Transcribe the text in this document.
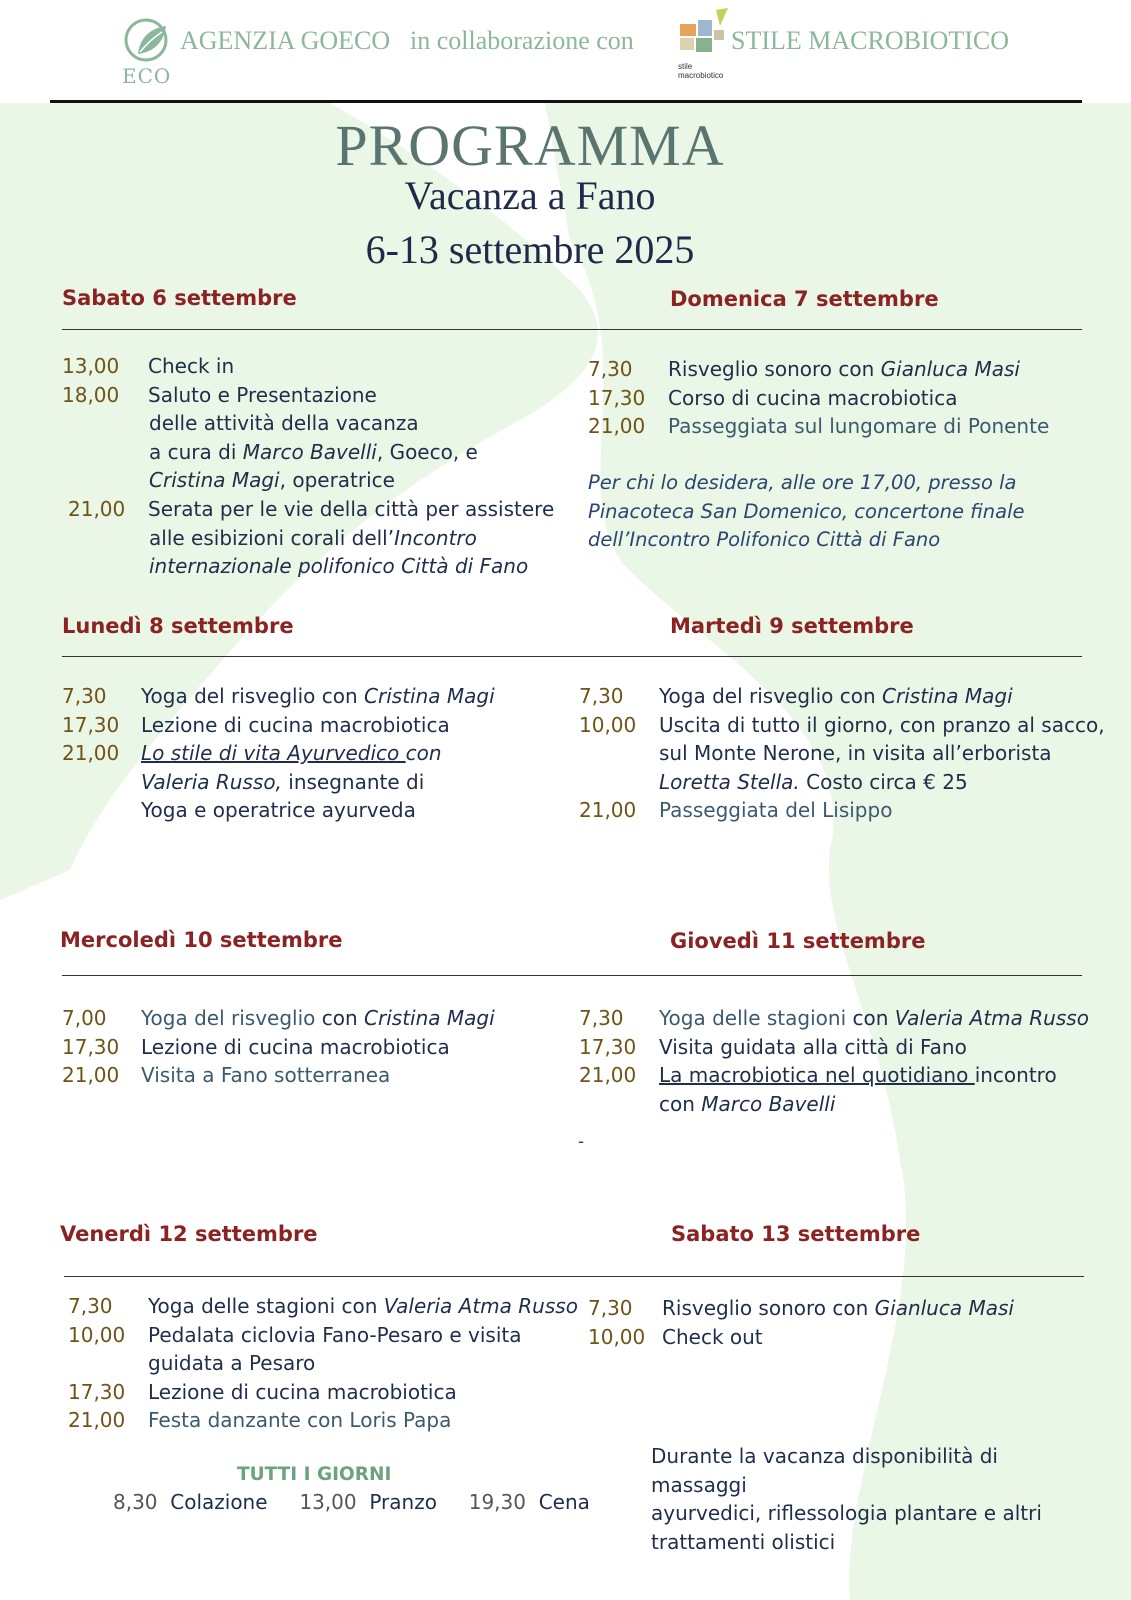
ECO
AGENZIA GOECO in collaborazione con
stile
macrobiotico
STILE MACROBIOTICO
PROGRAMMA
Vacanza a Fano
6-13 settembre 2025
Sabato 6 settembre	Domenica 7 settembre
13,00	Check in
18,00	Saluto e Presentazione
delle attività della vacanza
a cura di Marco Bavelli, Goeco, e
Cristina Magi, operatrice
21,00	Serata per le vie della città per assistere
alle esibizioni corali dell’Incontro
internazionale polifonico Città di Fano
7,30	Risveglio sonoro con Gianluca Masi
17,30	Corso di cucina macrobiotica
21,00	Passeggiata sul lungomare di Ponente
Per chi lo desidera, alle ore 17,00, presso la
Pinacoteca San Domenico, concertone finale
dell’Incontro Polifonico Città di Fano
Lunedì 8 settembre	Martedì 9 settembre
7,30	Yoga del risveglio con Cristina Magi
17,30	Lezione di cucina macrobiotica
21,00	Lo stile di vita Ayurvedico con
Valeria Russo, insegnante di
Yoga e operatrice ayurveda
7,30	Yoga del risveglio con Cristina Magi
10,00	Uscita di tutto il giorno, con pranzo al sacco,
sul Monte Nerone, in visita all’erborista
Loretta Stella. Costo circa € 25
21,00	Passeggiata del Lisippo
Mercoledì 10 settembre	Giovedì 11 settembre
7,00	Yoga del risveglio con Cristina Magi
17,30	Lezione di cucina macrobiotica
21,00	Visita a Fano sotterranea
7,30	Yoga delle stagioni con Valeria Atma Russo
17,30	Visita guidata alla città di Fano
21,00	La macrobiotica nel quotidiano incontro
con Marco Bavelli
-
Venerdì 12 settembre	Sabato 13 settembre
7,30	Yoga delle stagioni con Valeria Atma Russo
10,00	Pedalata ciclovia Fano-Pesaro e visita
guidata a Pesaro
17,30	Lezione di cucina macrobiotica
21,00	Festa danzante con Loris Papa
7,30	Risveglio sonoro con Gianluca Masi
10,00 Check out
TUTTI I GIORNI
8,30 Colazione 13,00 Pranzo 19,30 Cena
Durante la vacanza disponibilità di massaggi
ayurvedici, riflessologia plantare e altri
trattamenti olistici
